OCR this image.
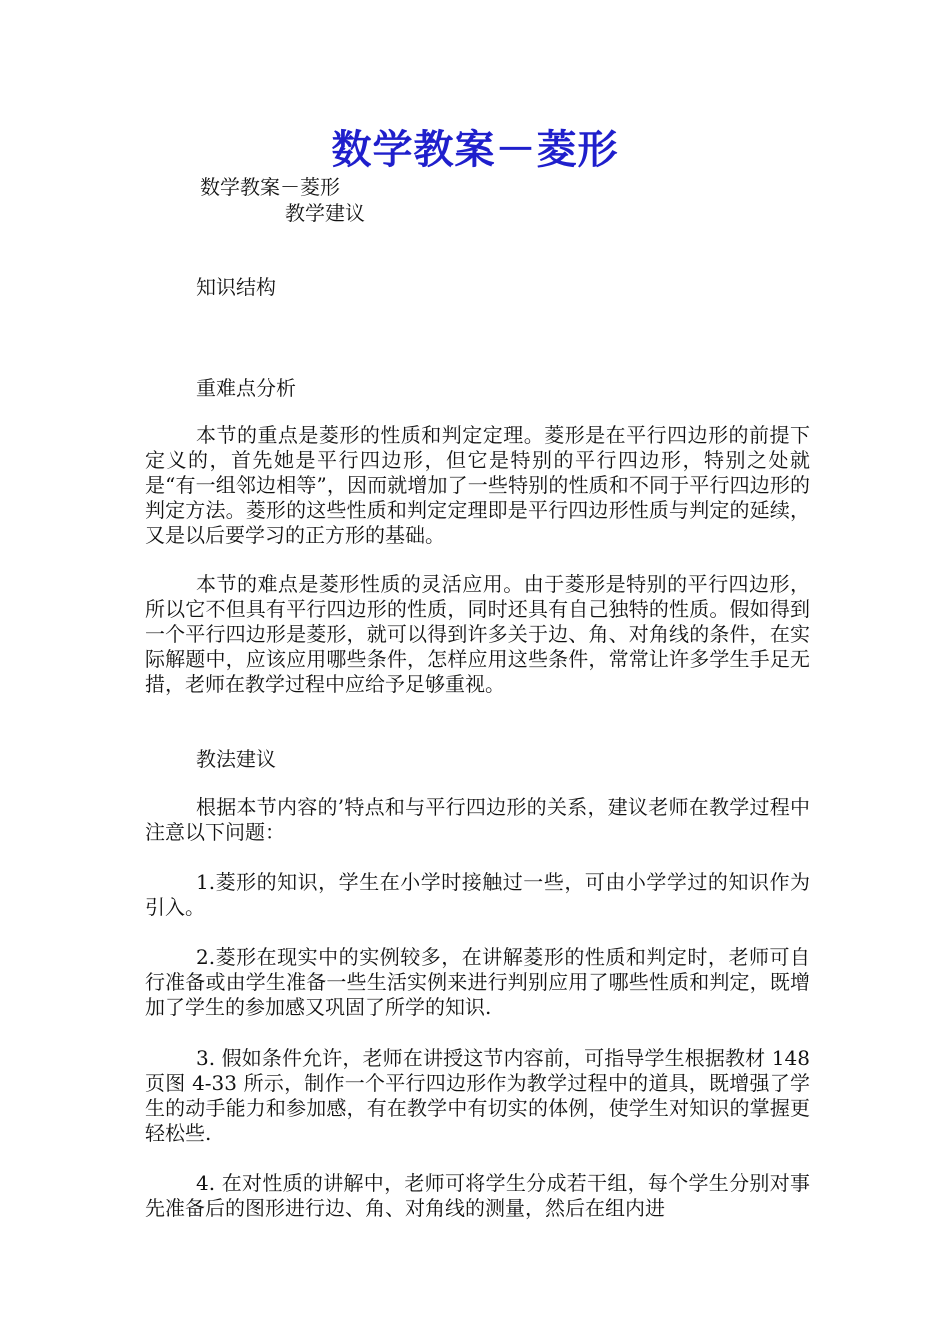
数学教案－菱形
数学教案－菱形
教学建议
知识结构
重难点分析
本节的重点是菱形的性质和判定定理。菱形是在平行四边形的前提下定义的，首先她是平行四边形，但它是特别的平行四边形，特别之处就是“有一组邻边相等”，因而就增加了一些特别的性质和不同于平行四边形的判定方法。菱形的这些性质和判定定理即是平行四边形性质与判定的延续，又是以后要学习的正方形的基础。
本节的难点是菱形性质的灵活应用。由于菱形是特别的平行四边形，所以它不但具有平行四边形的性质，同时还具有自己独特的性质。假如得到一个平行四边形是菱形，就可以得到许多关于边、角、对角线的条件，在实际解题中，应该应用哪些条件，怎样应用这些条件，常常让许多学生手足无措，老师在教学过程中应给予足够重视。
教法建议
根据本节内容的’特点和与平行四边形的关系，建议老师在教学过程中注意以下问题：
1.菱形的知识，学生在小学时接触过一些，可由小学学过的知识作为引入。
2.菱形在现实中的实例较多，在讲解菱形的性质和判定时，老师可自行准备或由学生准备一些生活实例来进行判别应用了哪些性质和判定，既增加了学生的参加感又巩固了所学的知识.
3. 假如条件允许，老师在讲授这节内容前，可指导学生根据教材 148 页图 4-33 所示，制作一个平行四边形作为教学过程中的道具，既增强了学生的动手能力和参加感，有在教学中有切实的体例，使学生对知识的掌握更轻松些.
4. 在对性质的讲解中，老师可将学生分成若干组，每个学生分别对事先准备后的图形进行边、角、对角线的测量，然后在组内进
